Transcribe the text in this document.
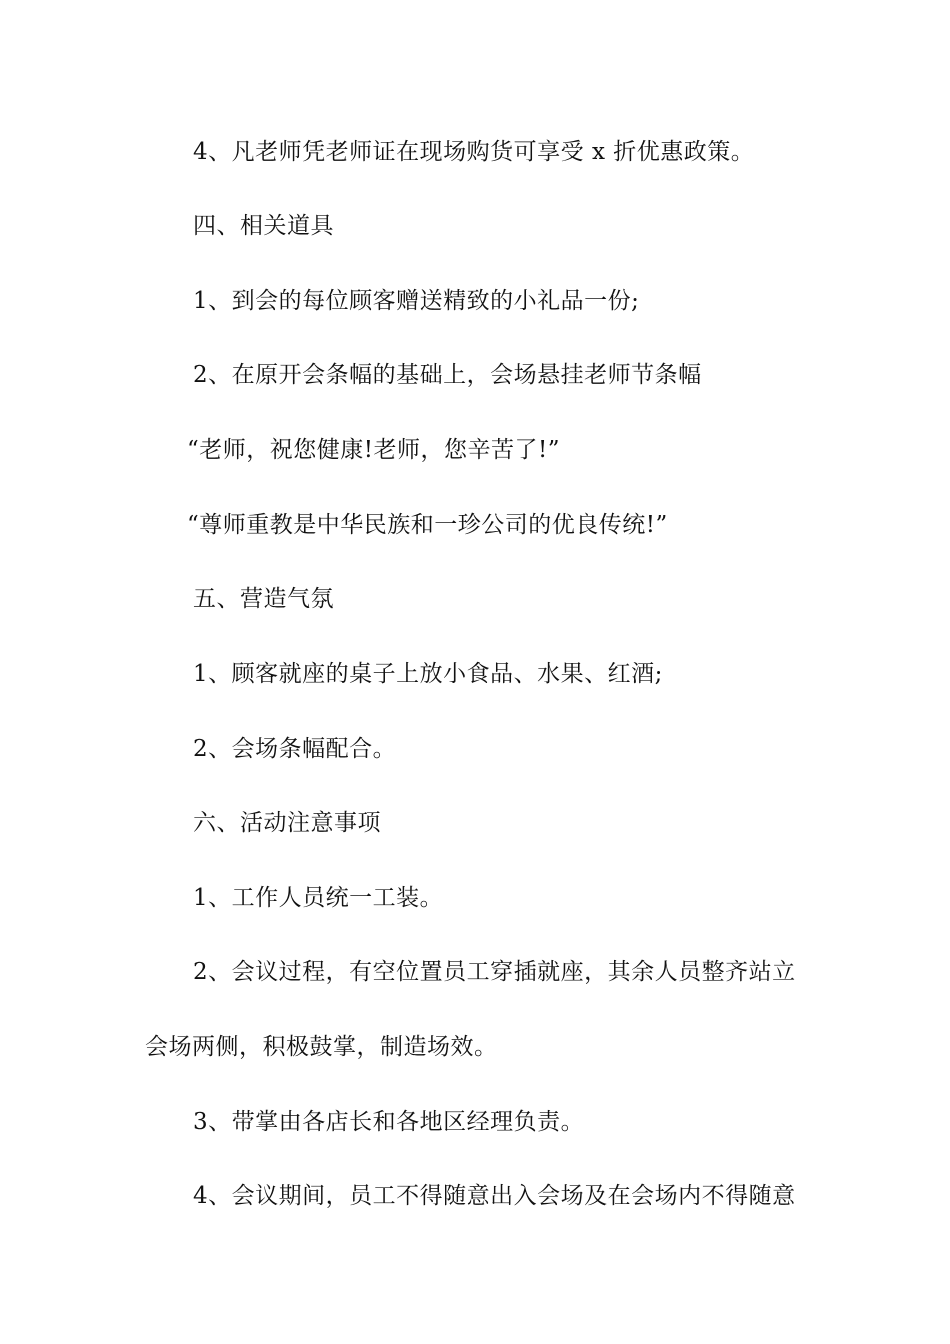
4、凡老师凭老师证在现场购货可享受 x 折优惠政策。
四、相关道具
1、到会的每位顾客赠送精致的小礼品一份;
2、在原开会条幅的基础上，会场悬挂老师节条幅
“老师，祝您健康!老师，您辛苦了!”
“尊师重教是中华民族和一珍公司的优良传统!”
五、营造气氛
1、顾客就座的桌子上放小食品、水果、红酒;
2、会场条幅配合。
六、活动注意事项
1、工作人员统一工装。
2、会议过程，有空位置员工穿插就座，其余人员整齐站立
会场两侧，积极鼓掌，制造场效。
3、带掌由各店长和各地区经理负责。
4、会议期间，员工不得随意出入会场及在会场内不得随意
